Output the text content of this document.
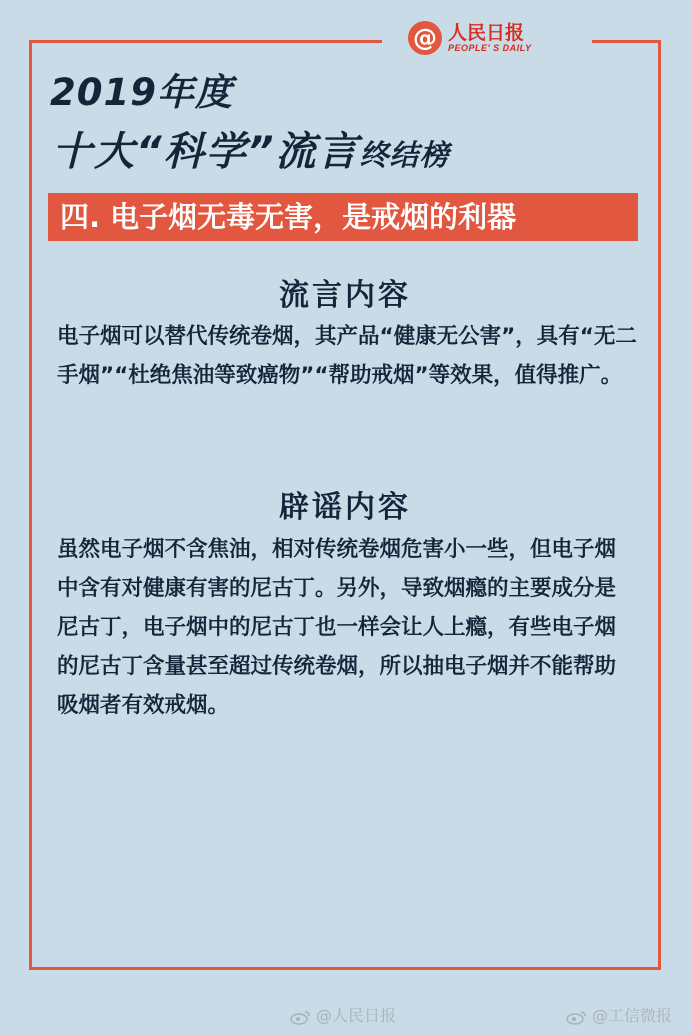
@ 人民日报
PEOPLE' S DAILY
2019年度
十大“科学”流言终结榜
四. 电子烟无毒无害，是戒烟的利器
流言内容
电子烟可以替代传统卷烟，其产品“健康无公害”，具有“无二手烟”“杜绝焦油等致癌物”“帮助戒烟”等效果，值得推广。
辟谣内容
虽然电子烟不含焦油，相对传统卷烟危害小一些，但电子烟中含有对健康有害的尼古丁。另外，导致烟瘾的主要成分是尼古丁，电子烟中的尼古丁也一样会让人上瘾，有些电子烟的尼古丁含量甚至超过传统卷烟，所以抽电子烟并不能帮助吸烟者有效戒烟。
@人民日报	@工信微报
